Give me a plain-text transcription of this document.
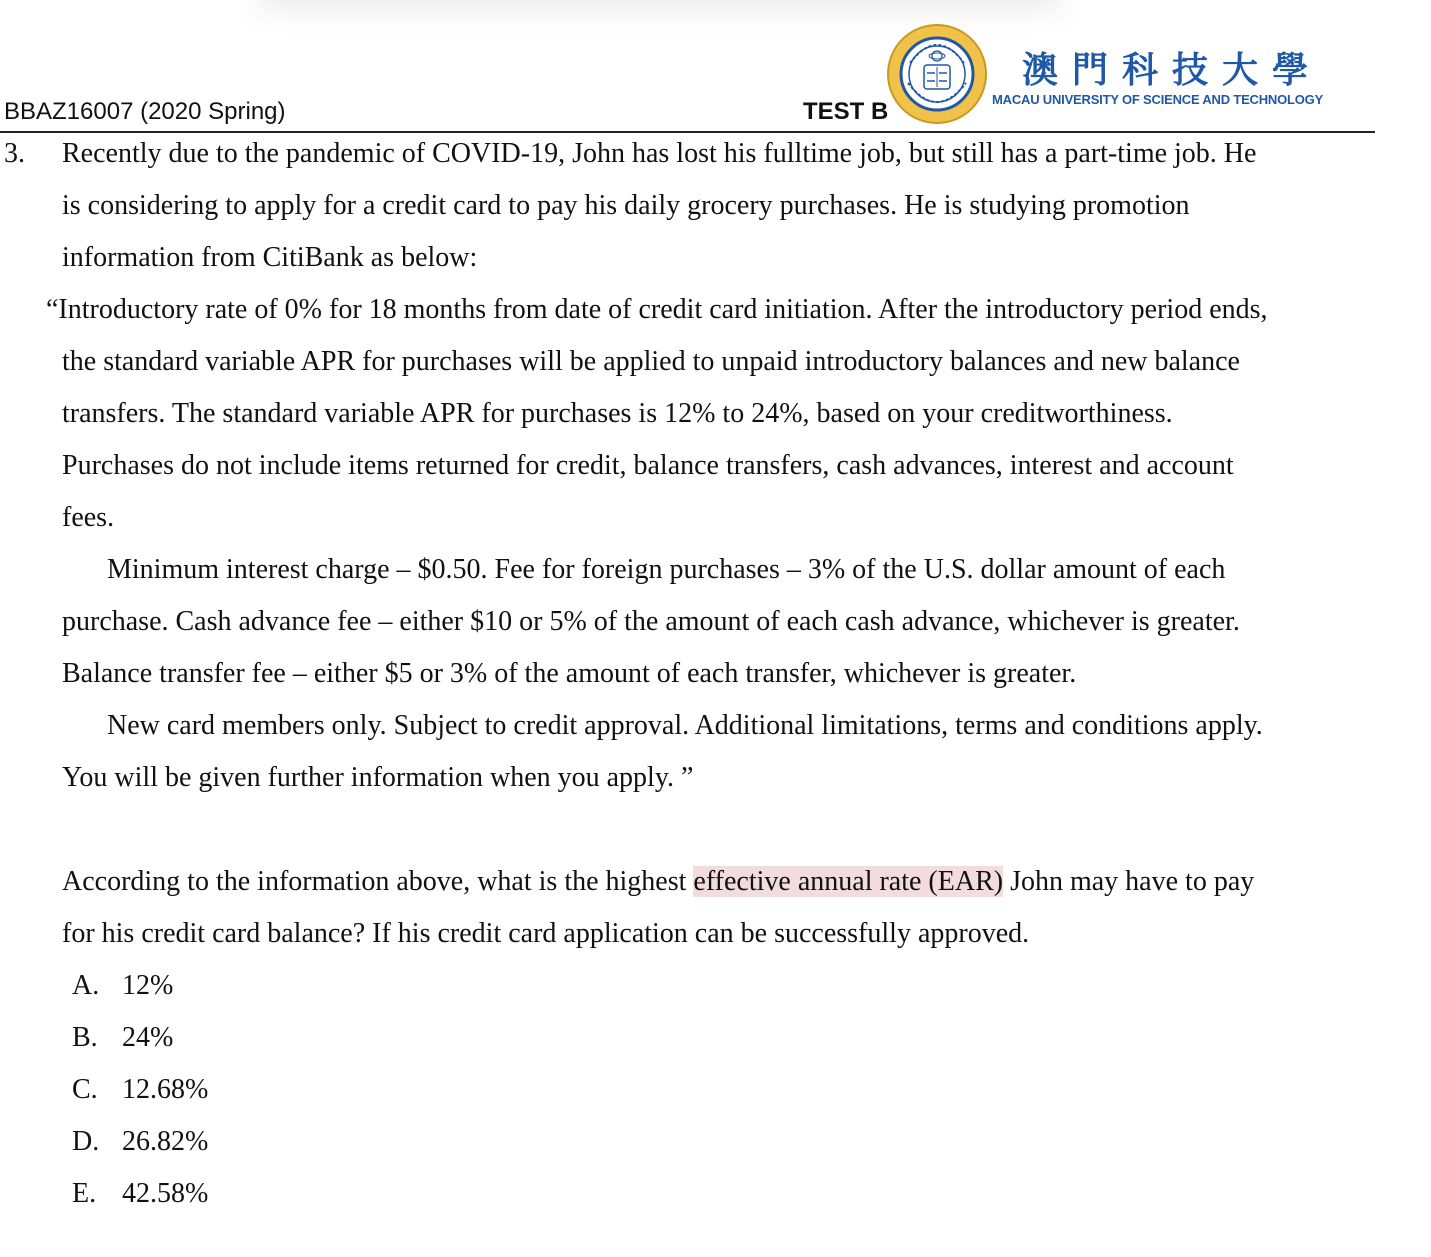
BBAZ16007 (2020 Spring)	TEST B
澳門科技大學
MACAU UNIVERSITY OF SCIENCE AND TECHNOLOGY
3. Recently due to the pandemic of COVID-19, John has lost his fulltime job, but still has a part-time job. He
is considering to apply for a credit card to pay his daily grocery purchases. He is studying promotion
information from CitiBank as below:
“Introductory rate of 0% for 18 months from date of credit card initiation. After the introductory period ends,
the standard variable APR for purchases will be applied to unpaid introductory balances and new balance
transfers. The standard variable APR for purchases is 12% to 24%, based on your creditworthiness.
Purchases do not include items returned for credit, balance transfers, cash advances, interest and account
fees.
Minimum interest charge – $0.50. Fee for foreign purchases – 3% of the U.S. dollar amount of each
purchase. Cash advance fee – either $10 or 5% of the amount of each cash advance, whichever is greater.
Balance transfer fee – either $5 or 3% of the amount of each transfer, whichever is greater.
New card members only. Subject to credit approval. Additional limitations, terms and conditions apply.
You will be given further information when you apply. ”
According to the information above, what is the highest effective annual rate (EAR) John may have to pay
for his credit card balance? If his credit card application can be successfully approved.
A. 12%
B. 24%
C. 12.68%
D. 26.82%
E. 42.58%
